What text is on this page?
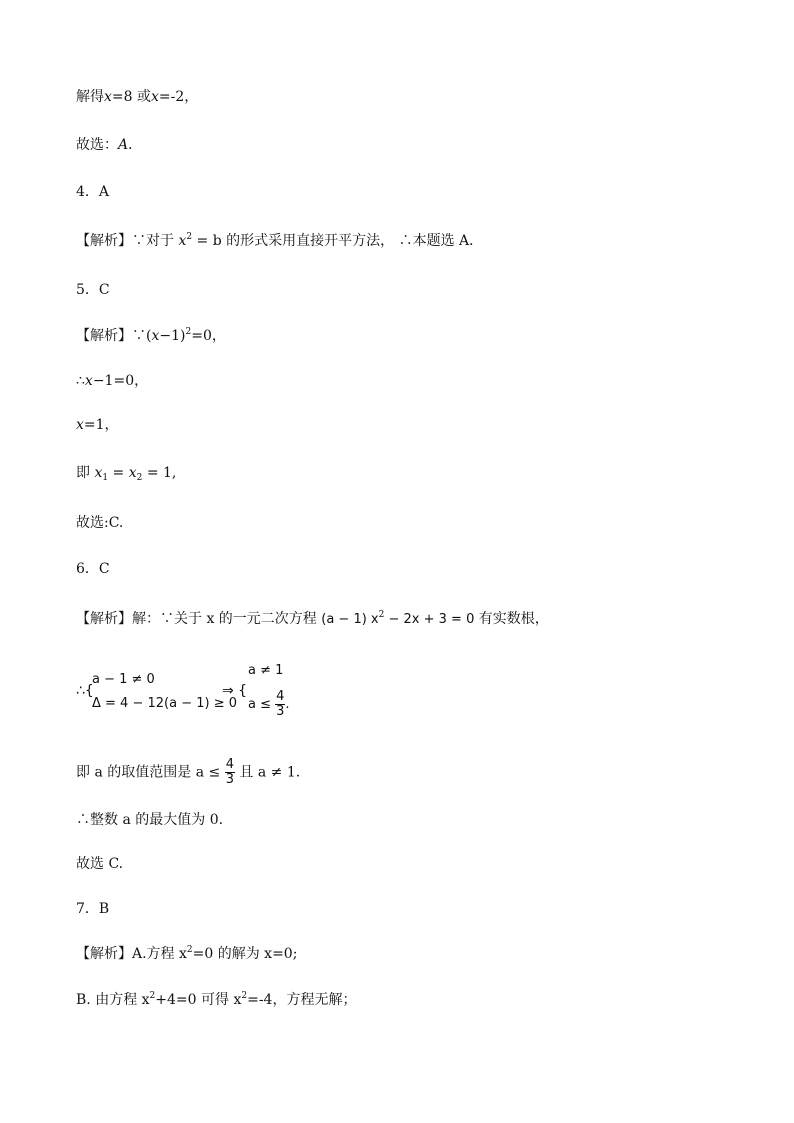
解得x=8 或x=-2，
故选：A．
4．A
【解析】∵对于 $x^2 = b$ 的形式采用直接开平方法， ∴本题选 A．
5．C
【解析】$\because(x-1)^2=0$，
∴x−1=0，
x=1，
即 $x_1 = x_2 = 1$,
故选:C.
6．C
【解析】解：∵关于 x 的一元二次方程 (a − 1) $x^2 - 2x + 3 = 0$ 有实数根，
∴{
a − 1 ≠ 0
Δ = 4 − 12(a − 1) ≥ 0
⇒ {
a ≠ 1
$a \le \frac{4}{3}$ .
即 a 的取值范围是 $a \le \frac{4}{3}$ 且 a ≠ 1.
∴整数 a 的最大值为 0.
故选 C.
7．B
【解析】A.方程 $x^2=0$ 的解为 x=0;
B. 由方程 $x^2+4=0$ 可得 $x^2=-4$，方程无解；
